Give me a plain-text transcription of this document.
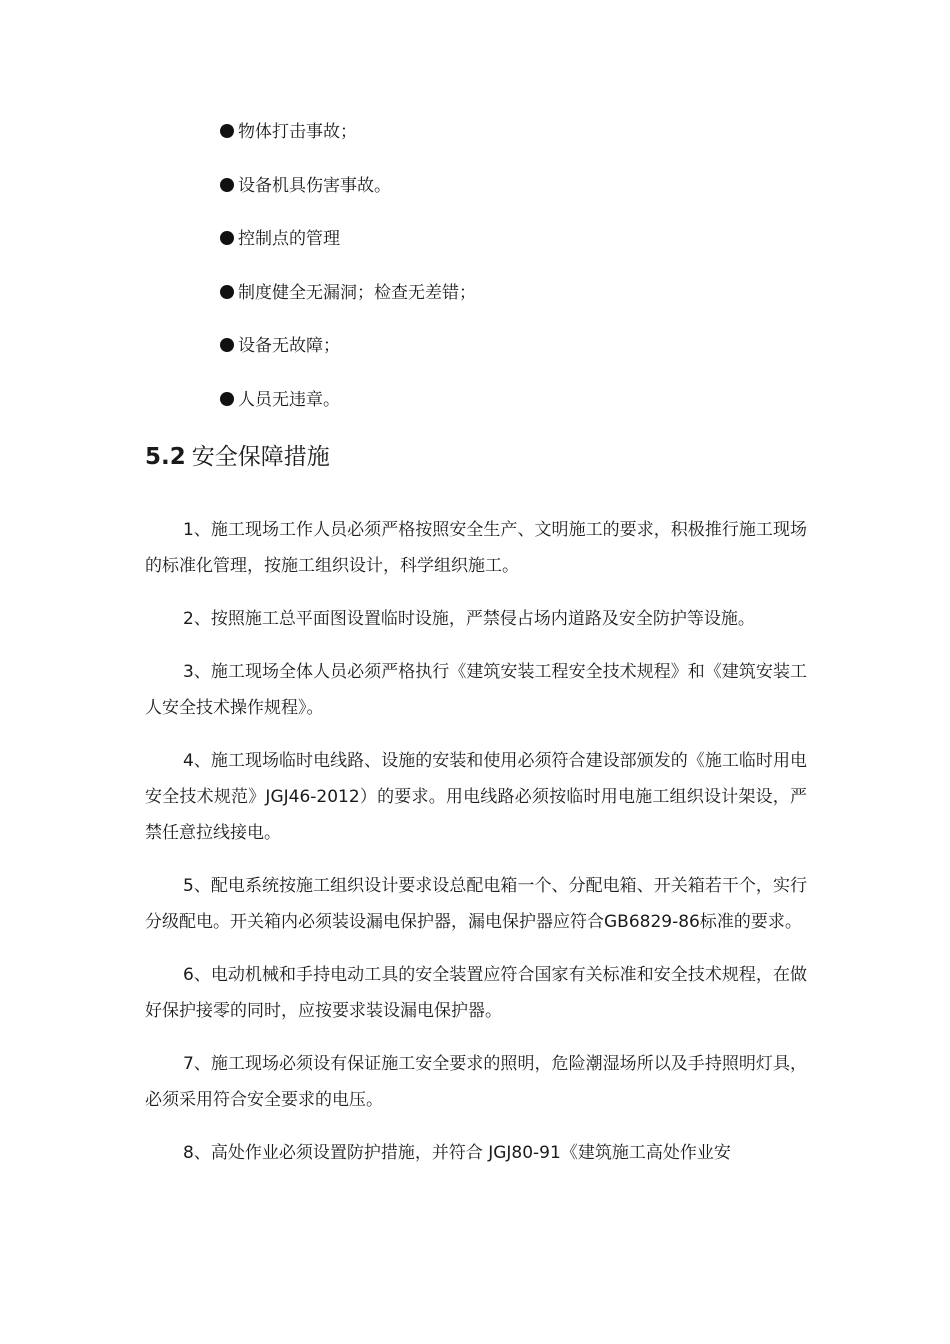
物体打击事故；
设备机具伤害事故。
控制点的管理
制度健全无漏洞；检查无差错；
设备无故障；
人员无违章。
5.2 安全保障措施

1、施工现场工作人员必须严格按照安全生产、文明施工的要求，积极推行施工现场的标准化管理，按施工组织设计，科学组织施工。

2、按照施工总平面图设置临时设施，严禁侵占场内道路及安全防护等设施。

3、施工现场全体人员必须严格执行《建筑安装工程安全技术规程》和《建筑安装工人安全技术操作规程》。

4、施工现场临时电线路、设施的安装和使用必须符合建设部颁发的《施工临时用电安全技术规范》JGJ46-2012）的要求。用电线路必须按临时用电施工组织设计架设，严禁任意拉线接电。

5、配电系统按施工组织设计要求设总配电箱一个、分配电箱、开关箱若干个，实行分级配电。开关箱内必须装设漏电保护器，漏电保护器应符合GB6829-86标准的要求。

6、电动机械和手持电动工具的安全装置应符合国家有关标准和安全技术规程，在做好保护接零的同时，应按要求装设漏电保护器。

7、施工现场必须设有保证施工安全要求的照明，危险潮湿场所以及手持照明灯具，必须采用符合安全要求的电压。

8、高处作业必须设置防护措施，并符合 JGJ80-91《建筑施工高处作业安
